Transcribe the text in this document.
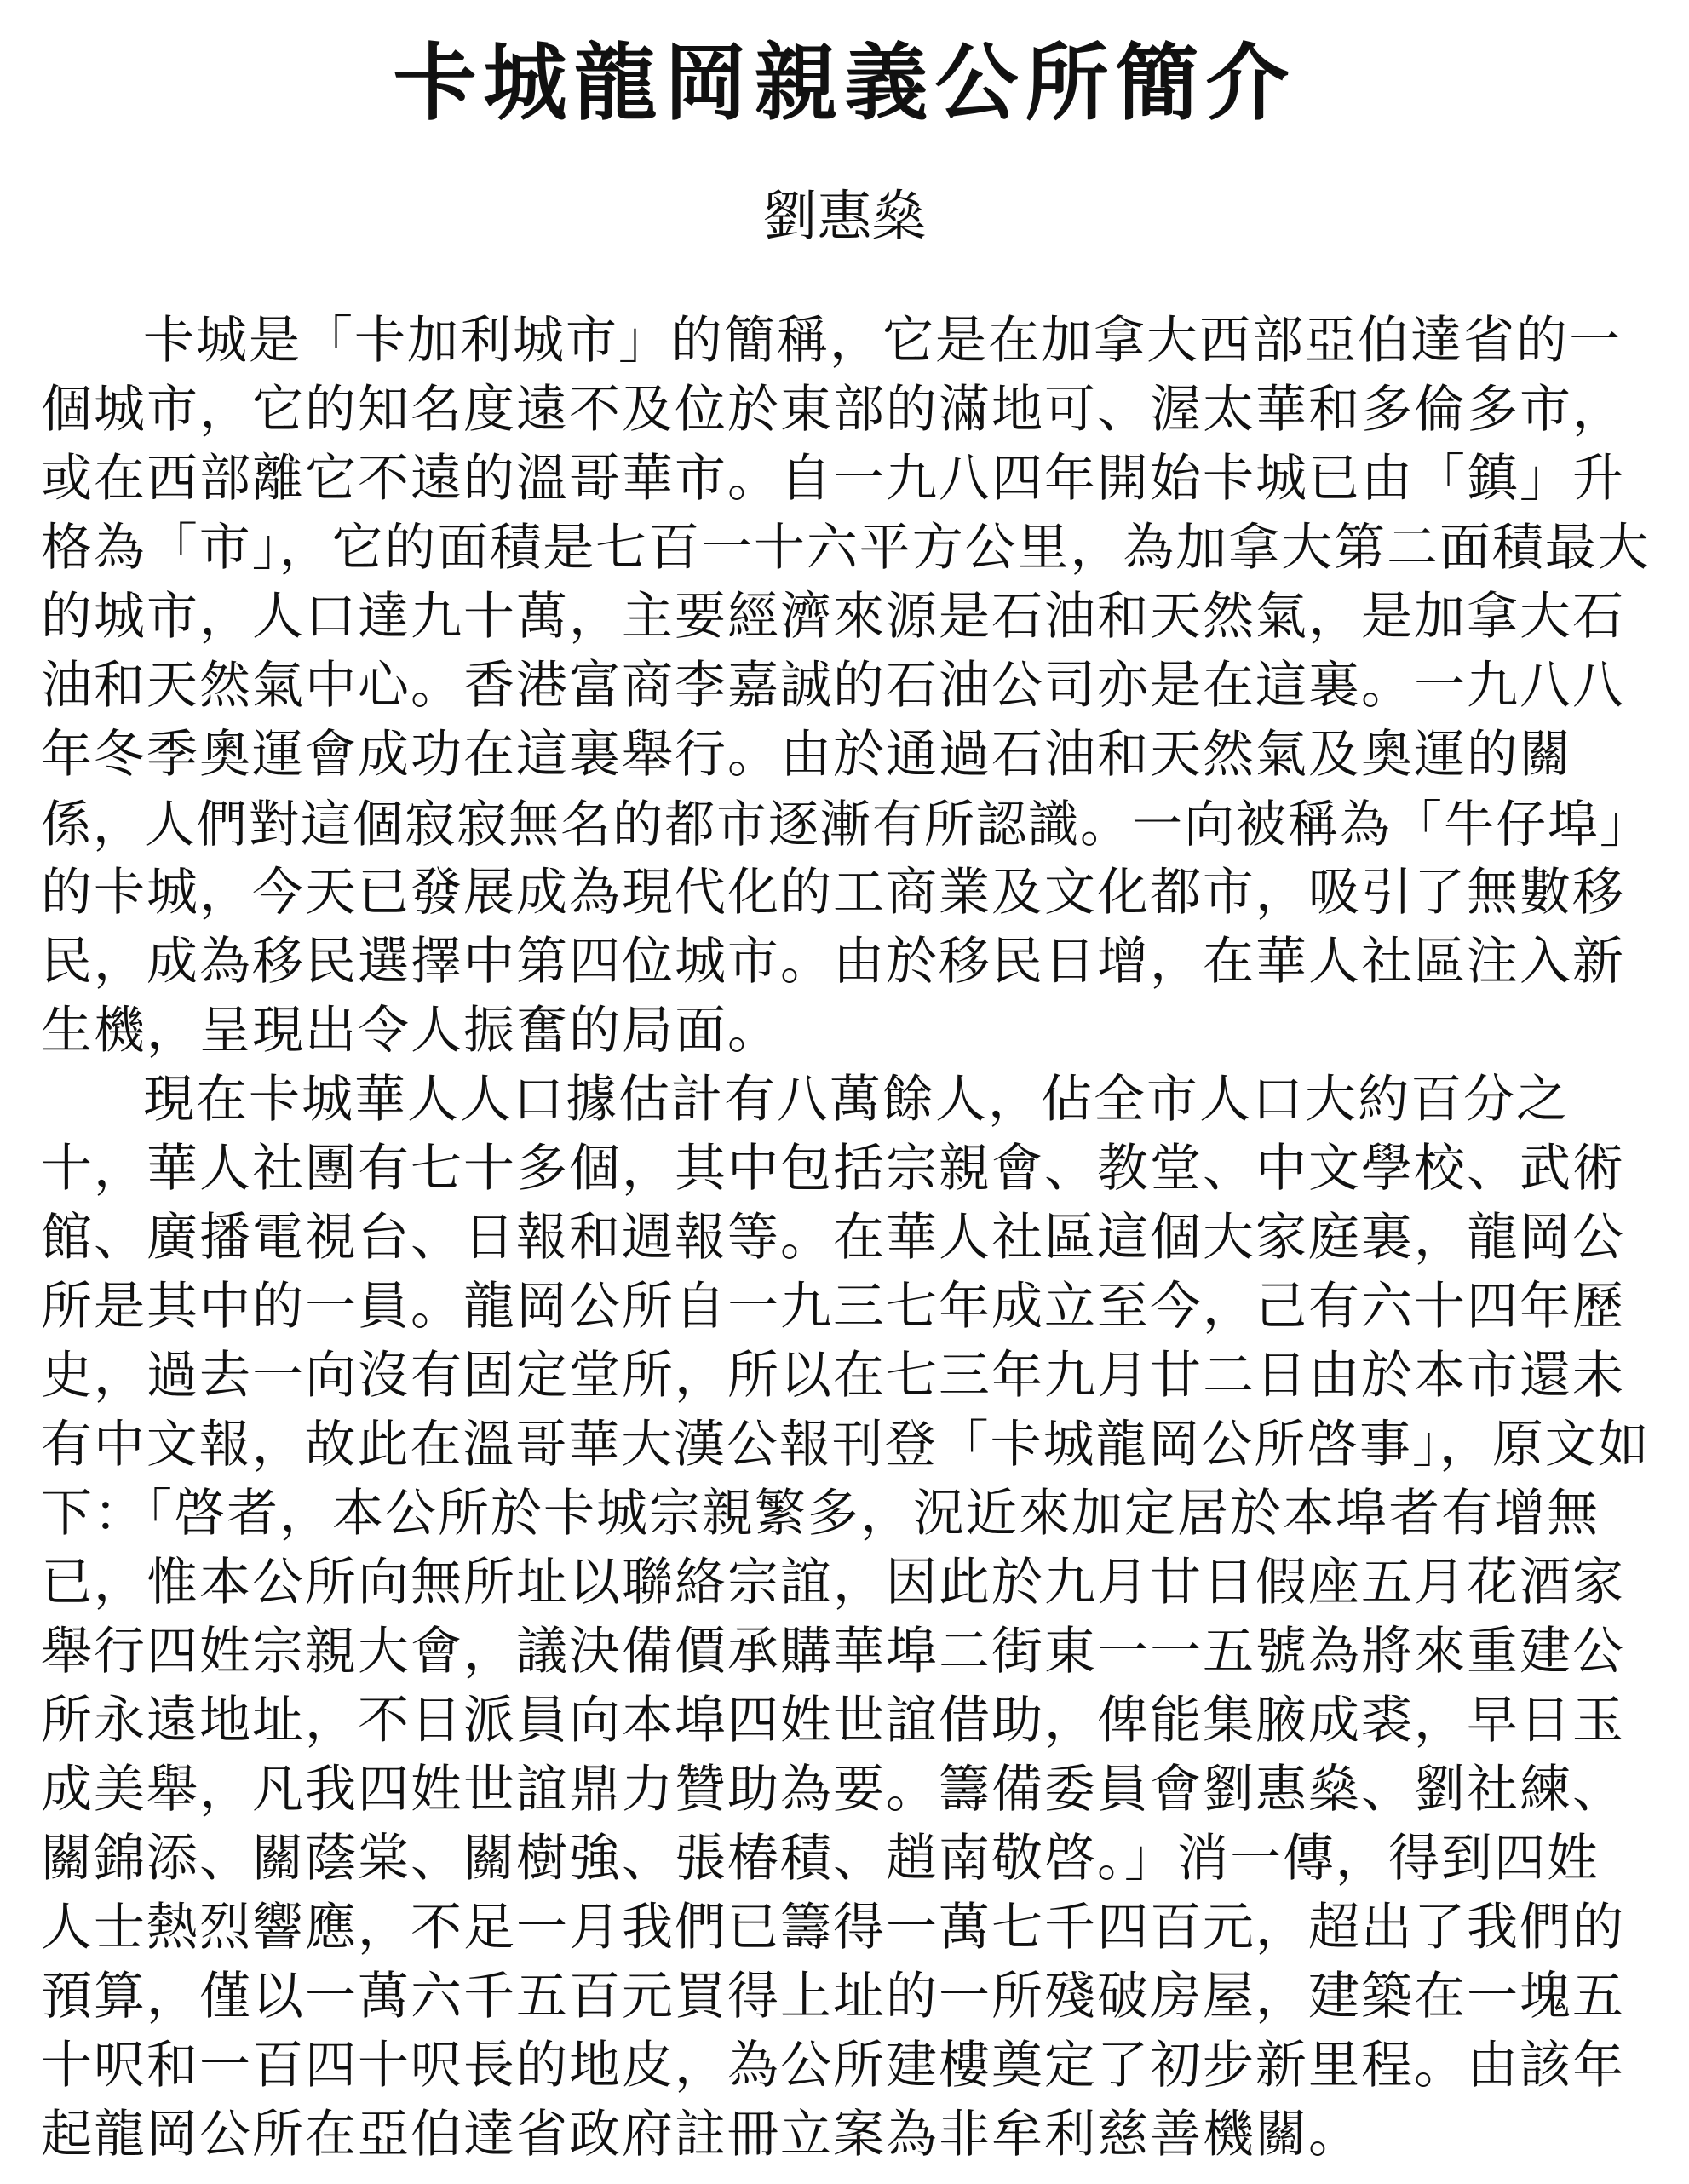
卡城龍岡親義公所簡介

劉惠燊

卡城是「卡加利城市」的簡稱，它是在加拿大西部亞伯達省的一

個城市，它的知名度遠不及位於東部的滿地可、渥太華和多倫多市，

或在西部離它不遠的溫哥華市。自一九八四年開始卡城已由「鎮」升

格為「市」，它的面積是七百一十六平方公里，為加拿大第二面積最大

的城市，人口達九十萬，主要經濟來源是石油和天然氣，是加拿大石

油和天然氣中心。香港富商李嘉誠的石油公司亦是在這裏。一九八八

年冬季奧運會成功在這裏舉行。由於通過石油和天然氣及奧運的關

係，人們對這個寂寂無名的都市逐漸有所認識。一向被稱為「牛仔埠」

的卡城，今天已發展成為現代化的工商業及文化都市，吸引了無數移

民，成為移民選擇中第四位城市。由於移民日增，在華人社區注入新

生機，呈現出令人振奮的局面。

現在卡城華人人口據估計有八萬餘人，佔全市人口大約百分之

十，華人社團有七十多個，其中包括宗親會、教堂、中文學校、武術

館、廣播電視台、日報和週報等。在華人社區這個大家庭裏，龍岡公

所是其中的一員。龍岡公所自一九三七年成立至今，己有六十四年歷

史，過去一向沒有固定堂所，所以在七三年九月廿二日由於本市還未

有中文報，故此在溫哥華大漢公報刊登「卡城龍岡公所啓事」，原文如

下：「啓者，本公所於卡城宗親繁多，況近來加定居於本埠者有增無

已，惟本公所向無所址以聯絡宗誼，因此於九月廿日假座五月花酒家

舉行四姓宗親大會，議決備價承購華埠二街東一一五號為將來重建公

所永遠地址，不日派員向本埠四姓世誼借助，俾能集腋成裘，早日玉

成美舉，凡我四姓世誼鼎力贊助為要。籌備委員會劉惠燊、劉社練、

關錦添、關蔭棠、關樹強、張椿積、趙南敬啓。」消一傳，得到四姓

人士熱烈響應，不足一月我們已籌得一萬七千四百元，超出了我們的

預算，僅以一萬六千五百元買得上址的一所殘破房屋，建築在一塊五

十呎和一百四十呎長的地皮，為公所建樓奠定了初步新里程。由該年

起龍岡公所在亞伯達省政府註冊立案為非牟利慈善機關。
